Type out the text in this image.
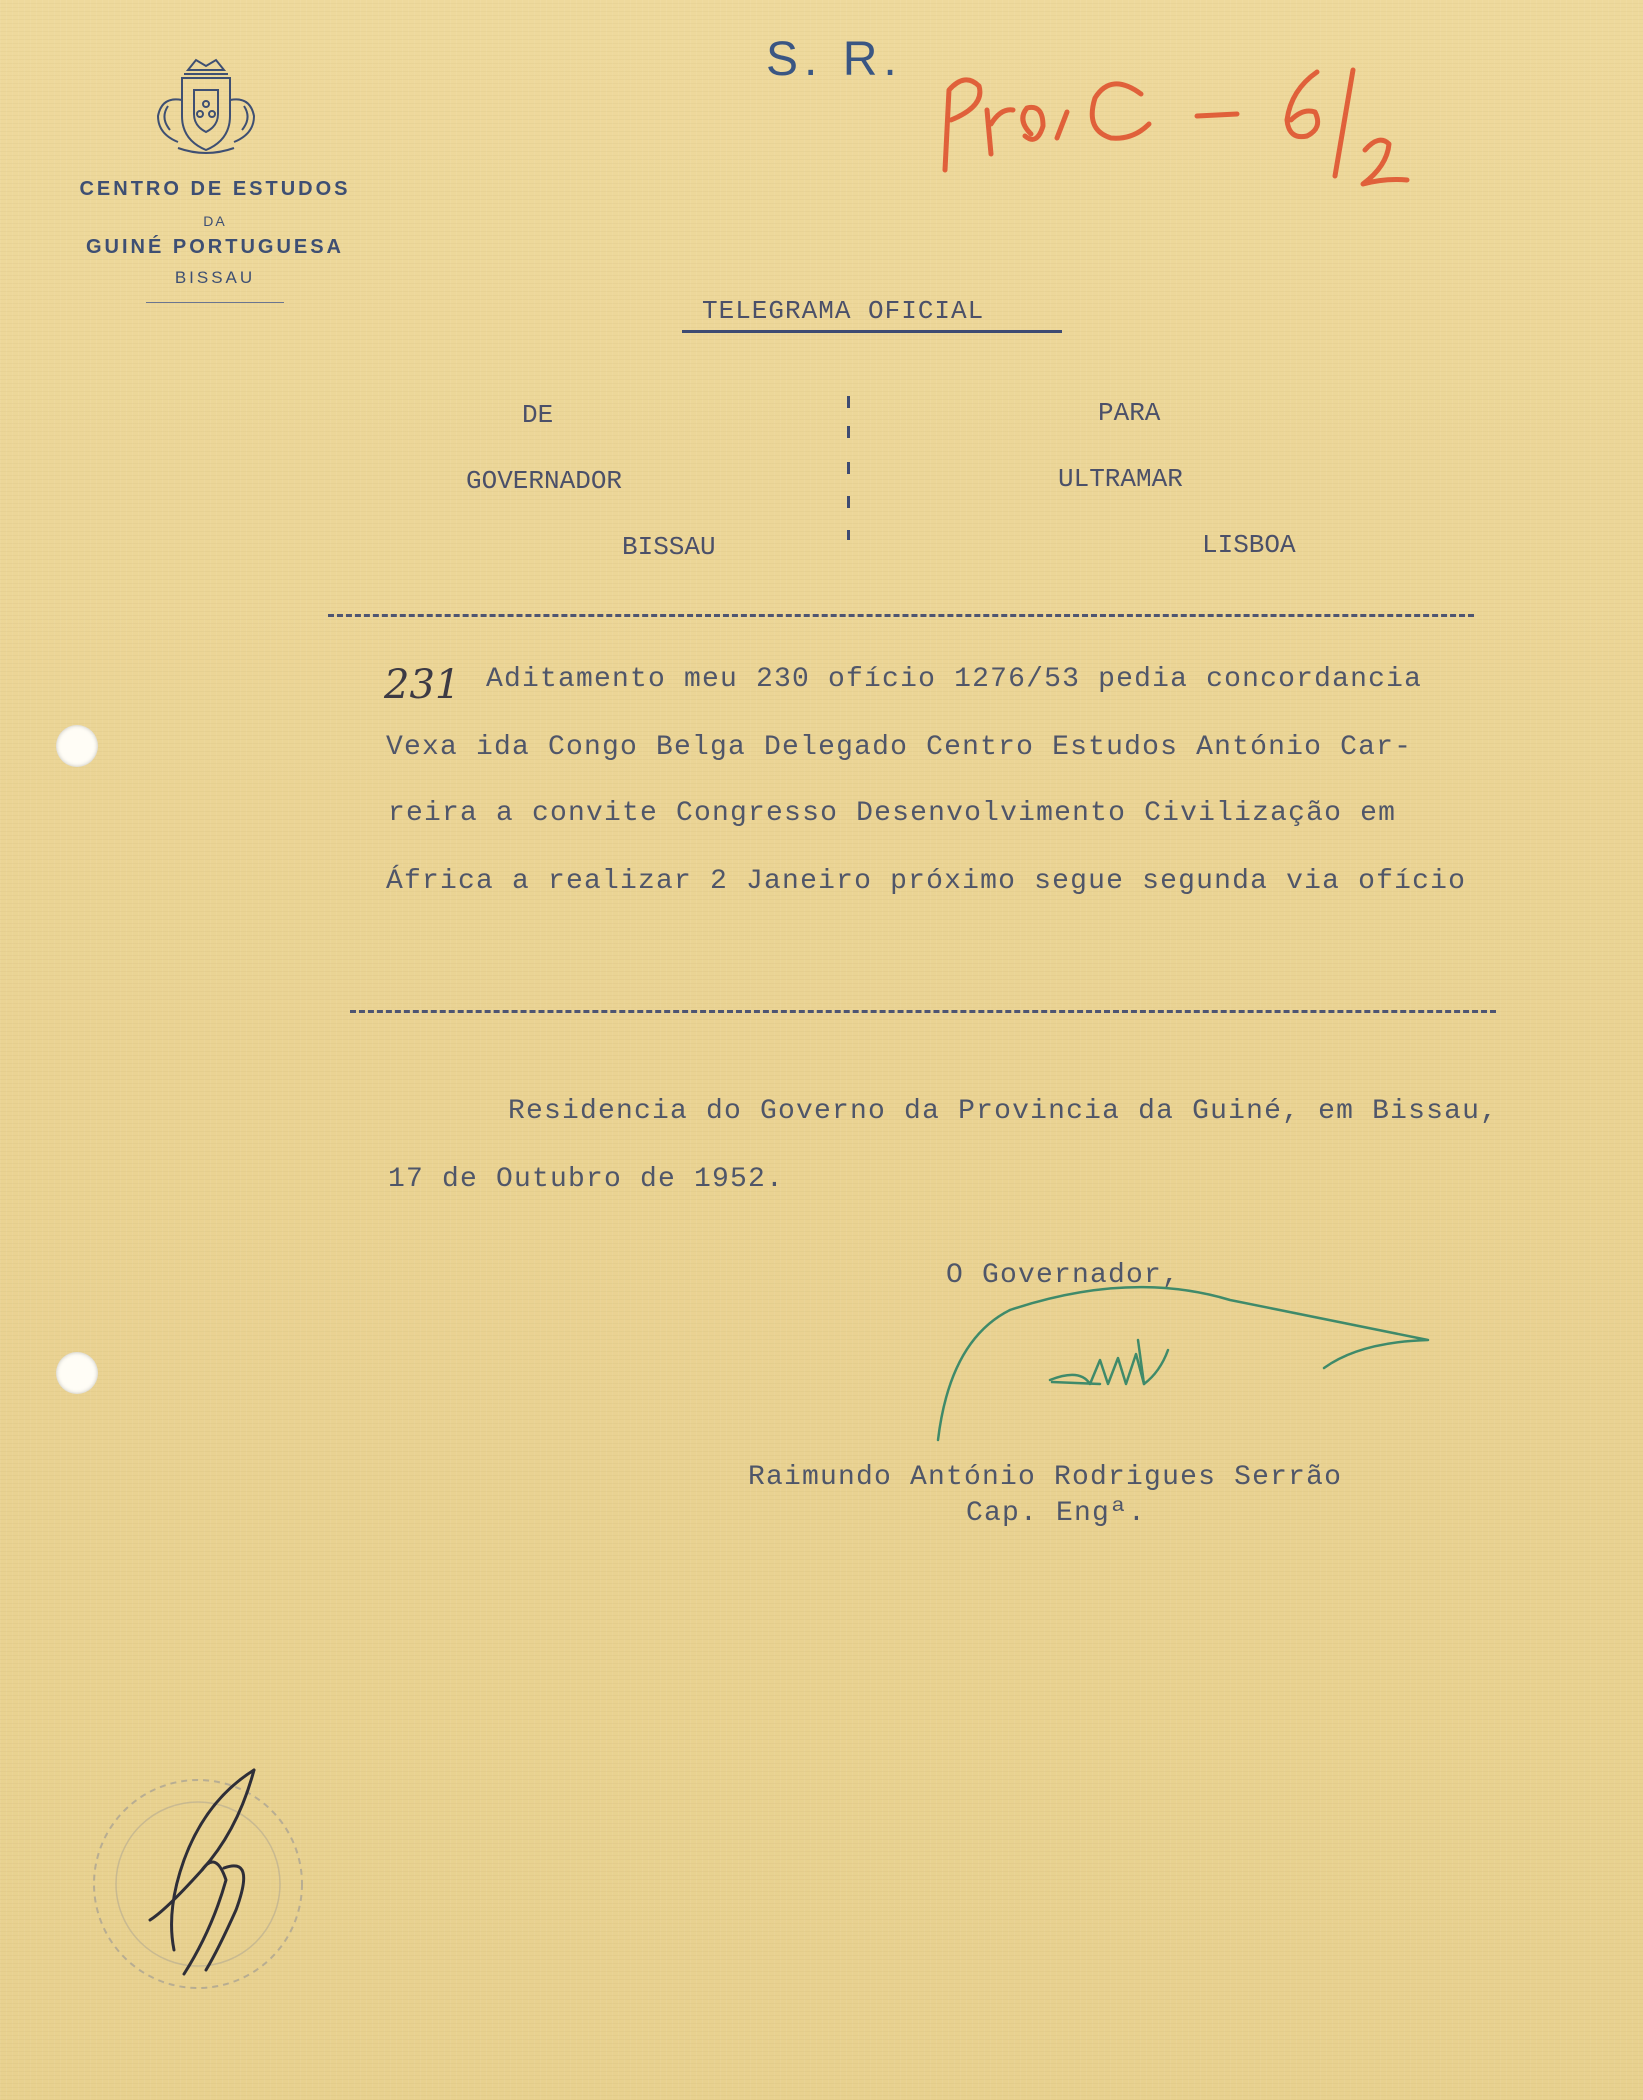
CENTRO DE ESTUDOS
DA
GUINÉ PORTUGUESA
BISSAU
S. R.
TELEGRAMA OFICIAL
DE
GOVERNADOR
BISSAU
PARA
ULTRAMAR
LISBOA
231 Aditamento meu 230 ofício 1276/53 pedia concordancia
Vexa ida Congo Belga Delegado Centro Estudos António Car-
reira a convite Congresso Desenvolvimento Civilização em
África a realizar 2 Janeiro próximo segue segunda via ofício
Residencia do Governo da Provincia da Guiné, em Bissau,
17 de Outubro de 1952.
O Governador,
Raimundo António Rodrigues Serrão
Cap. Engª.
